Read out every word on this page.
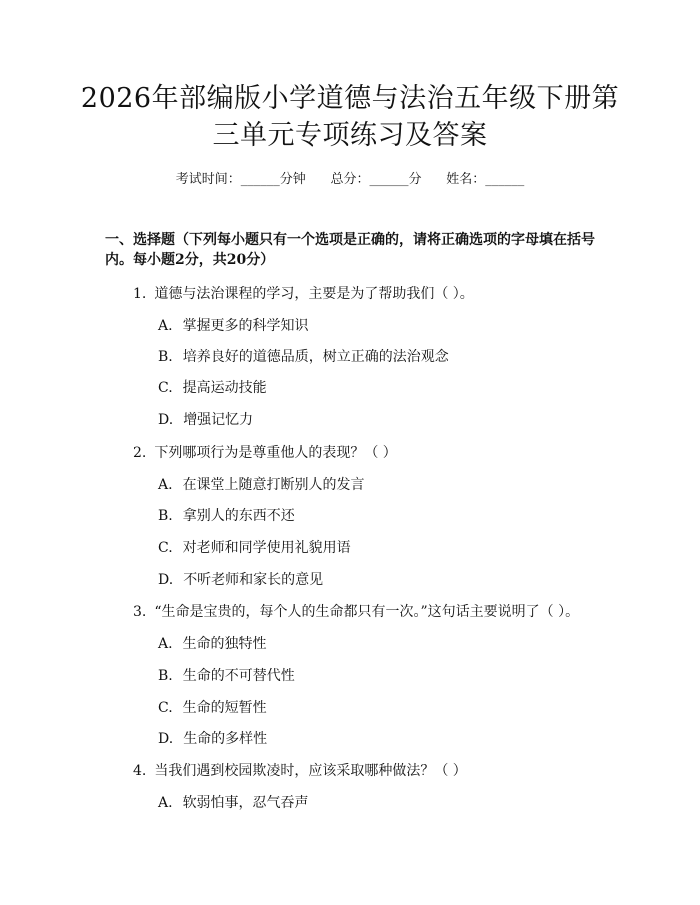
2026年部编版小学道德与法治五年级下册第
三单元专项练习及答案
考试时间：______分钟      总分：______分      姓名：______
一、选择题（下列每小题只有一个选项是正确的，请将正确选项的字母填在括号
内。每小题2分，共20分）
1. 道德与法治课程的学习，主要是为了帮助我们（ ）。
A. 掌握更多的科学知识
B. 培养良好的道德品质，树立正确的法治观念
C. 提高运动技能
D. 增强记忆力
2. 下列哪项行为是尊重他人的表现？（ ）
A. 在课堂上随意打断别人的发言
B. 拿别人的东西不还
C. 对老师和同学使用礼貌用语
D. 不听老师和家长的意见
3. “生命是宝贵的，每个人的生命都只有一次。”这句话主要说明了（ ）。
A. 生命的独特性
B. 生命的不可替代性
C. 生命的短暂性
D. 生命的多样性
4. 当我们遇到校园欺凌时，应该采取哪种做法？（ ）
A. 软弱怕事，忍气吞声
